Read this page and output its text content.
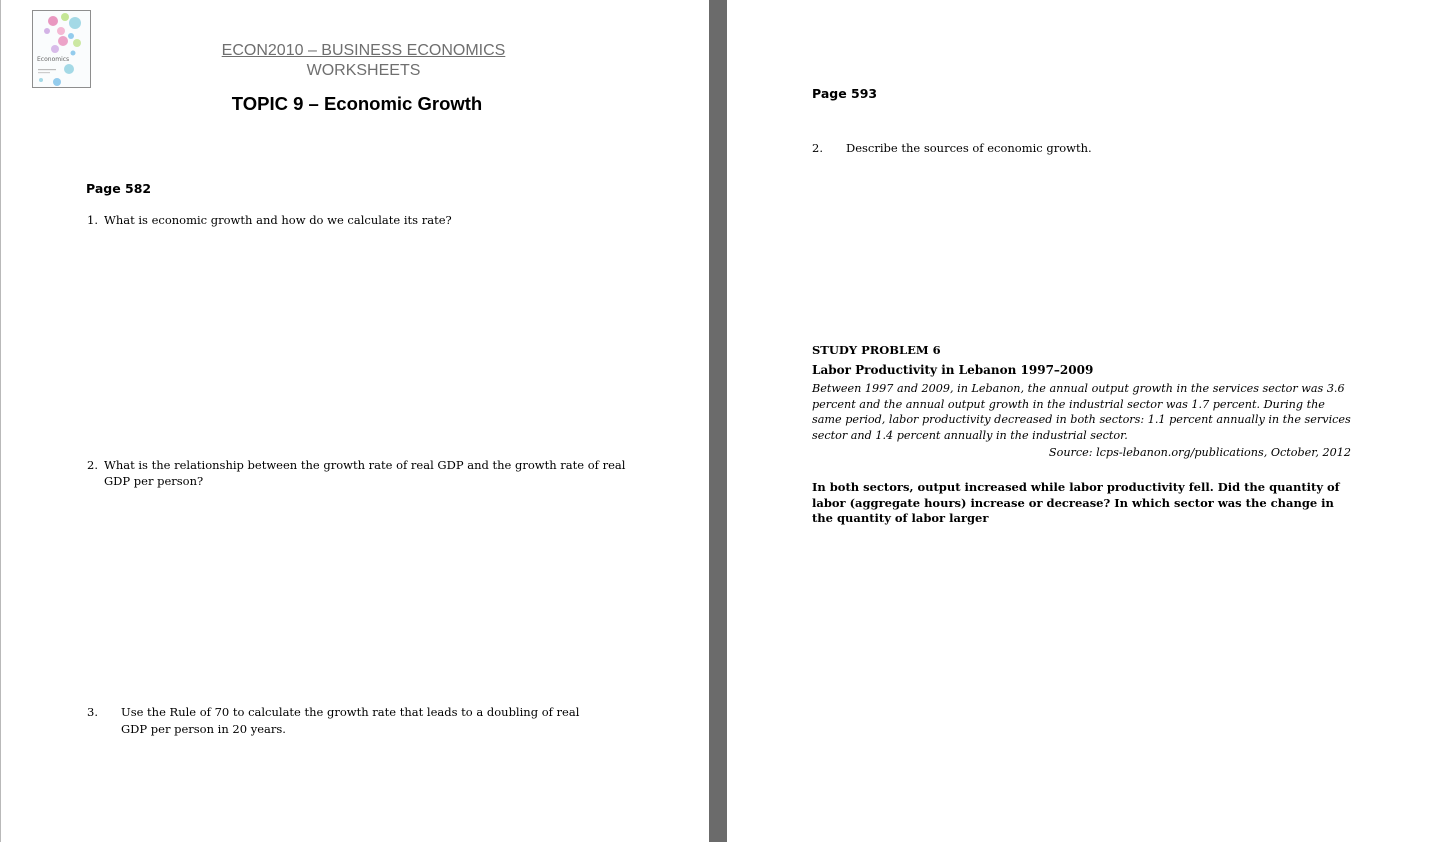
Economics
ECON2010 – BUSINESS ECONOMICS
WORKSHEETS
TOPIC 9 – Economic Growth
Page 582
1. What is economic growth and how do we calculate its rate?
2. What is the relationship between the growth rate of real GDP and the growth rate of real GDP per person?
3.	Use the Rule of 70 to calculate the growth rate that leads to a doubling of real GDP per person in 20 years.
Page 593
2.	Describe the sources of economic growth.
STUDY PROBLEM 6
Labor Productivity in Lebanon 1997–2009
Between 1997 and 2009, in Lebanon, the annual output growth in the services sector was 3.6 percent and the annual output growth in the industrial sector was 1.7 percent. During the same period, labor productivity decreased in both sectors: 1.1 percent annually in the services sector and 1.4 percent annually in the industrial sector.
Source: lcps-lebanon.org/publications, October, 2012
In both sectors, output increased while labor productivity fell. Did the quantity of labor (aggregate hours) increase or decrease? In which sector was the change in the quantity of labor larger
